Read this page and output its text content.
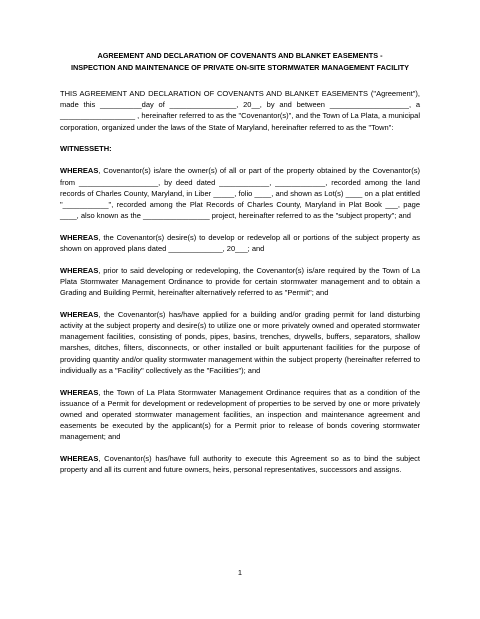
AGREEMENT AND DECLARATION OF COVENANTS AND BLANKET EASEMENTS -
INSPECTION AND MAINTENANCE OF PRIVATE ON-SITE STORMWATER MANAGEMENT FACILITY

THIS AGREEMENT AND DECLARATION OF COVENANTS AND BLANKET EASEMENTS ("Agreement"), made this __________day of ________________, 20__, by and between ___________________, a __________________ , hereinafter referred to as the "Covenantor(s)", and the Town of La Plata, a municipal corporation, organized under the laws of the State of Maryland, hereinafter referred to as the "Town":

WITNESSETH:

WHEREAS, Covenantor(s) is/are the owner(s) of all or part of the property obtained by the Covenantor(s) from ___________________, by deed dated ____________, ____________, recorded among the land records of Charles County, Maryland, in Liber _____, folio ____, and shown as Lot(s) ____ on a plat entitled "___________", recorded among the Plat Records of Charles County, Maryland in Plat Book ___, page ____, also known as the ________________ project, hereinafter referred to as the "subject property"; and

WHEREAS, the Covenantor(s) desire(s) to develop or redevelop all or portions of the subject property as shown on approved plans dated _____________, 20___; and

WHEREAS, prior to said developing or redeveloping, the Covenantor(s) is/are required by the Town of La Plata Stormwater Management Ordinance to provide for certain stormwater management and to obtain a Grading and Building Permit, hereinafter alternatively referred to as "Permit"; and

WHEREAS, the Covenantor(s) has/have applied for a building and/or grading permit for land disturbing activity at the subject property and desire(s) to utilize one or more privately owned and operated stormwater management facilities, consisting of ponds, pipes, basins, trenches, drywells, buffers, separators, shallow marshes, ditches, filters, disconnects, or other installed or built appurtenant facilities for the purpose of providing quantity and/or quality stormwater management within the subject property (hereinafter referred to individually as a "Facility" collectively as the "Facilities"); and

WHEREAS, the Town of La Plata Stormwater Management Ordinance requires that as a condition of the issuance of a Permit for development or redevelopment of properties to be served by one or more privately owned and operated stormwater management facilities, an inspection and maintenance agreement and easements be executed by the applicant(s) for a Permit prior to release of bonds covering stormwater management; and

WHEREAS, Covenantor(s) has/have full authority to execute this Agreement so as to bind the subject property and all its current and future owners, heirs, personal representatives, successors and assigns.

1
